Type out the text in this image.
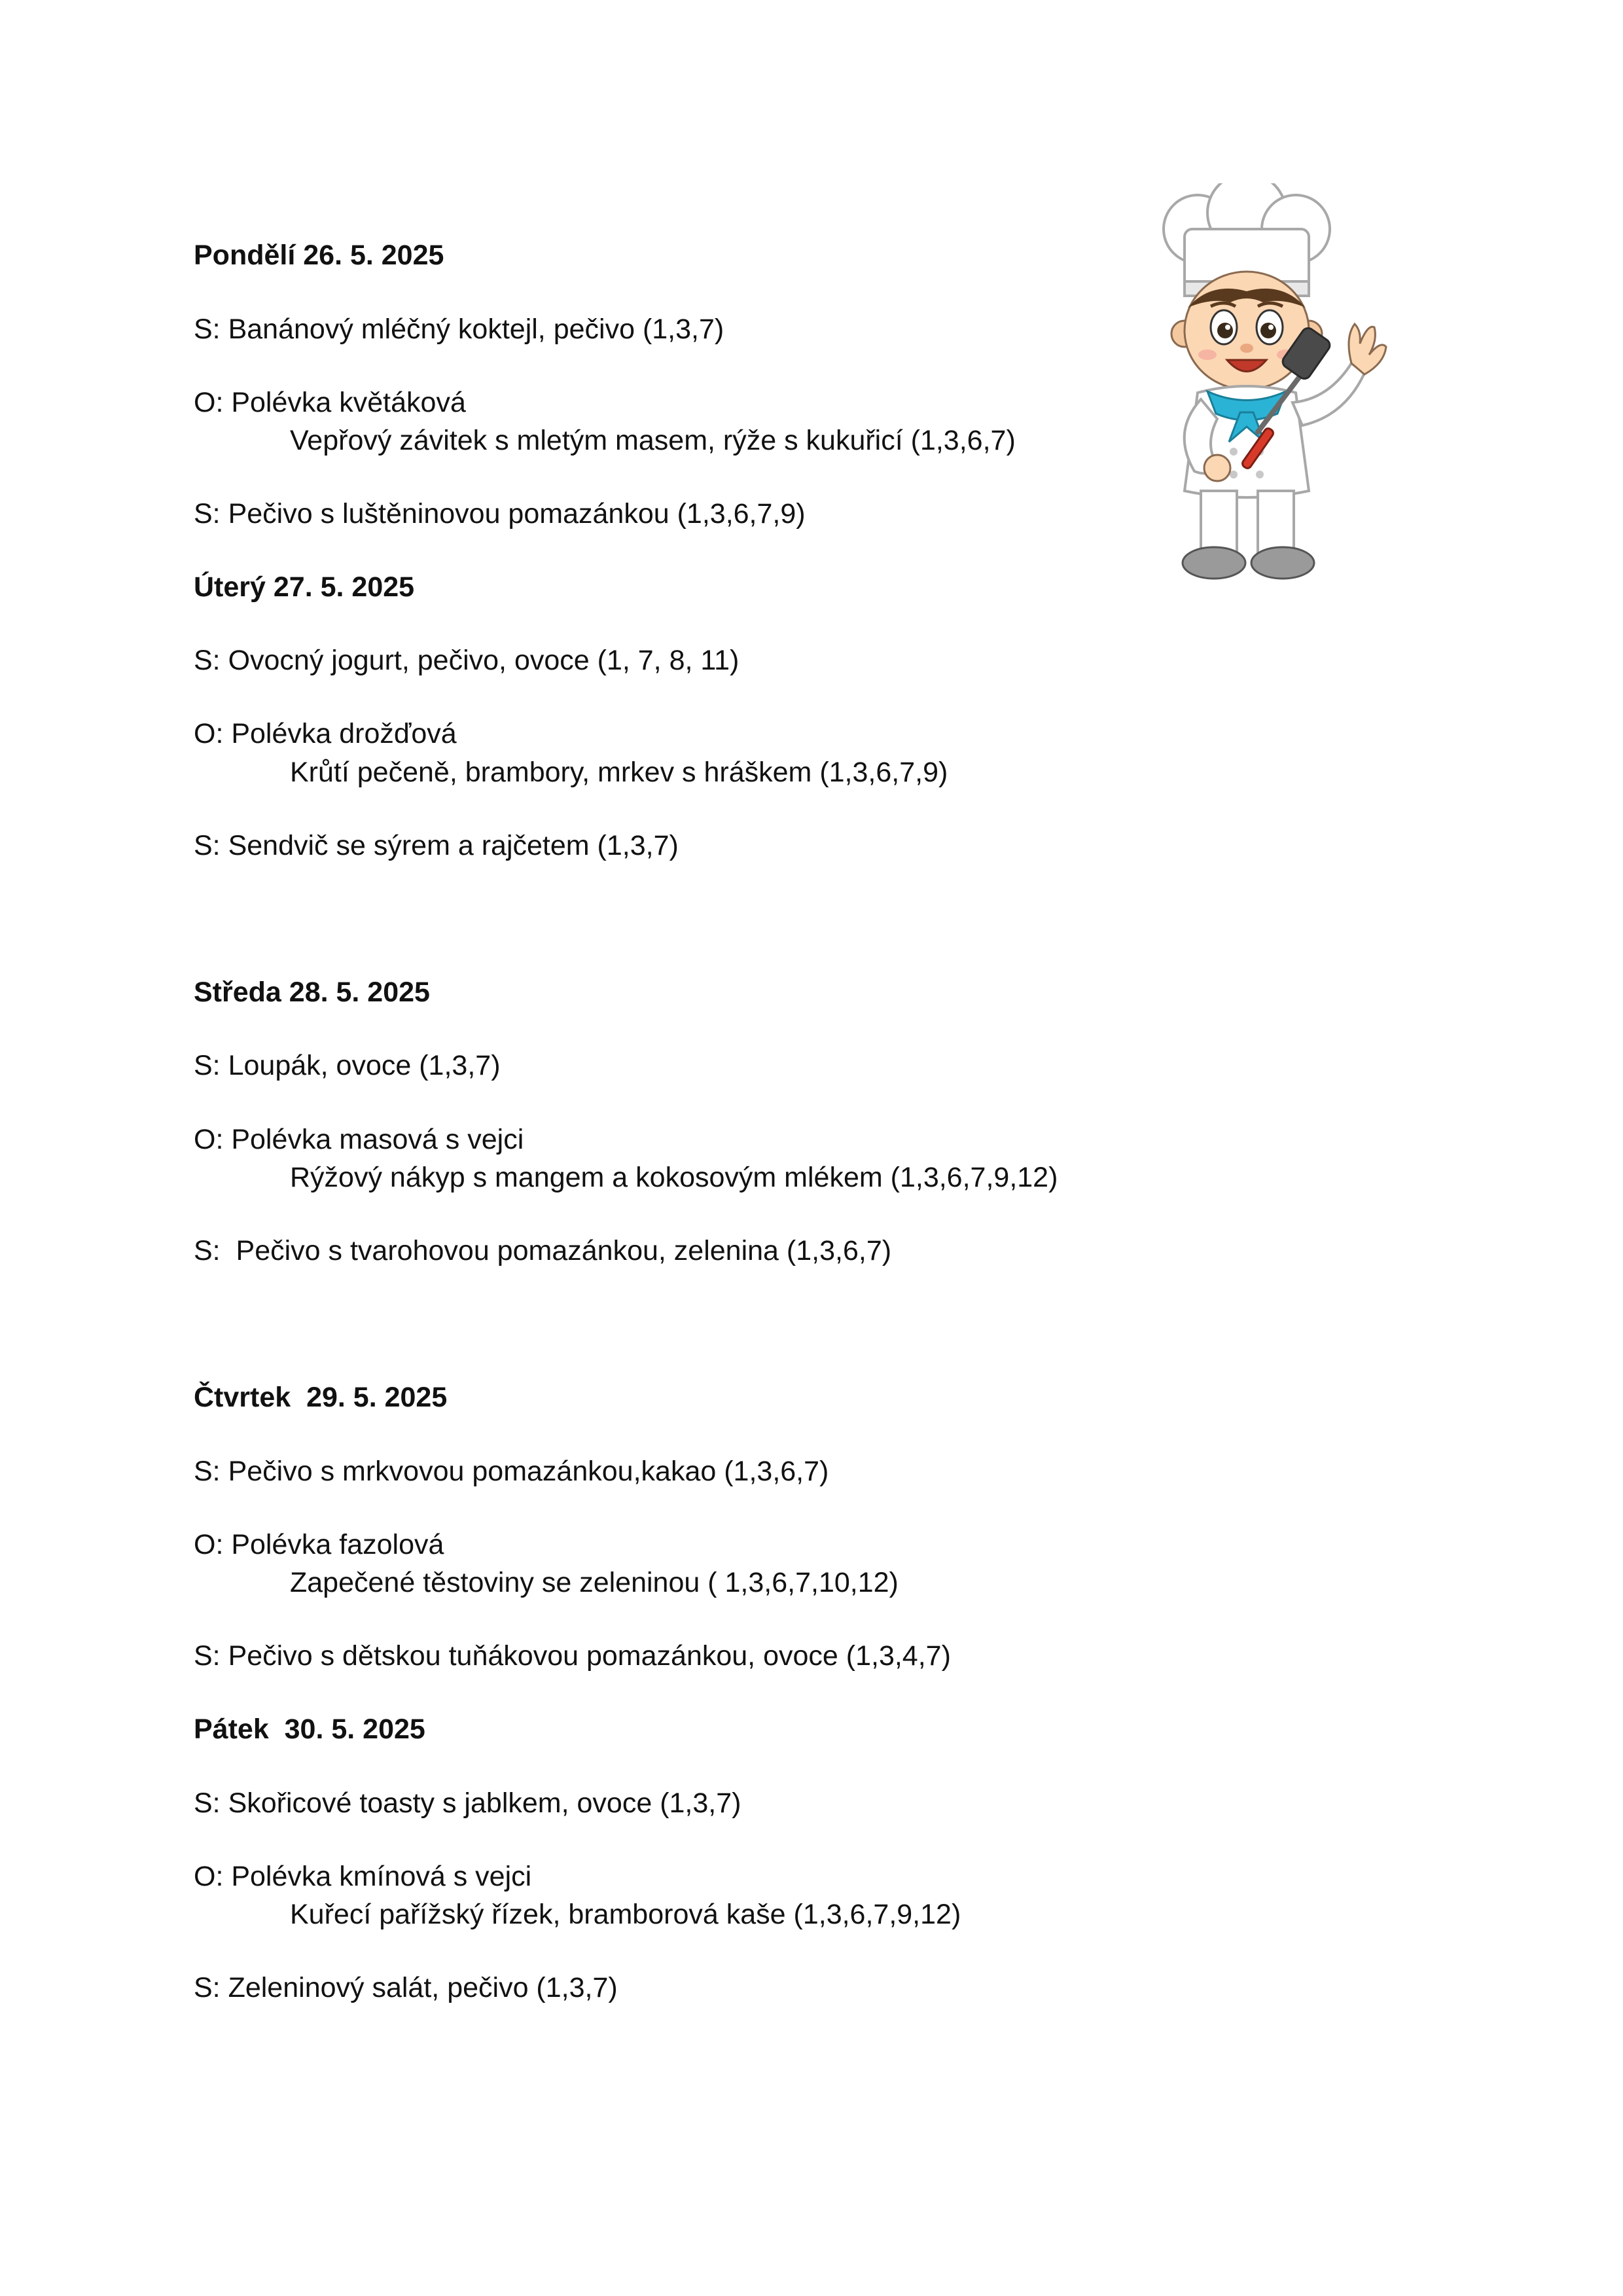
Pondělí 26. 5. 2025
S: Banánový mléčný koktejl, pečivo (1,3,7)
O: Polévka květáková
Vepřový závitek s mletým masem, rýže s kukuřicí (1,3,6,7)
S: Pečivo s luštěninovou pomazánkou (1,3,6,7,9)
Úterý 27. 5. 2025
S: Ovocný jogurt, pečivo, ovoce (1, 7, 8, 11)
O: Polévka drožďová
Krůtí pečeně, brambory, mrkev s hráškem (1,3,6,7,9)
S: Sendvič se sýrem a rajčetem (1,3,7)
Středa 28. 5. 2025
S: Loupák, ovoce (1,3,7)
O: Polévka masová s vejci
Rýžový nákyp s mangem a kokosovým mlékem (1,3,6,7,9,12)
S:  Pečivo s tvarohovou pomazánkou, zelenina (1,3,6,7)
Čtvrtek  29. 5. 2025
S: Pečivo s mrkvovou pomazánkou,kakao (1,3,6,7)
O: Polévka fazolová
Zapečené těstoviny se zeleninou ( 1,3,6,7,10,12)
S: Pečivo s dětskou tuňákovou pomazánkou, ovoce (1,3,4,7)
Pátek  30. 5. 2025
S: Skořicové toasty s jablkem, ovoce (1,3,7)
O: Polévka kmínová s vejci
Kuřecí pařížský řízek, bramborová kaše (1,3,6,7,9,12)
S: Zeleninový salát, pečivo (1,3,7)
